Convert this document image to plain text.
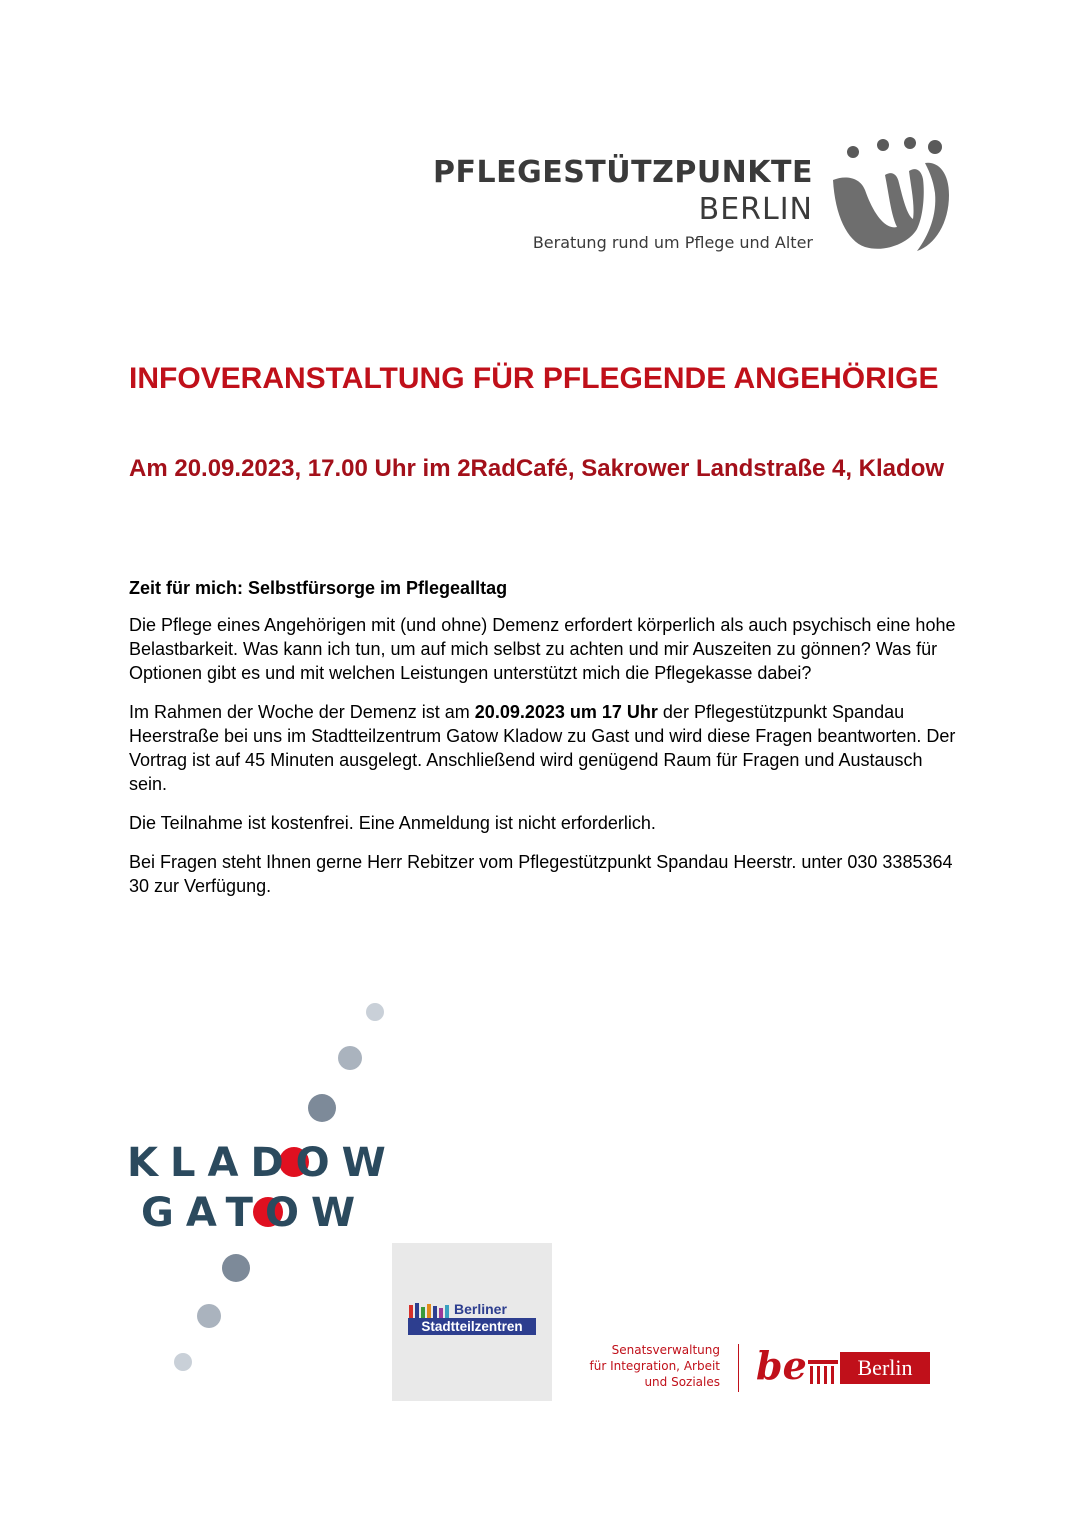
PFLEGESTÜTZPUNKTE
BERLIN
Beratung rund um Pflege und Alter
INFOVERANSTALTUNG FÜR PFLEGENDE ANGEHÖRIGE
Am 20.09.2023, 17.00 Uhr im 2RadCafé, Sakrower Landstraße 4, Kladow

Zeit für mich: Selbstfürsorge im Pflegealltag

Die Pflege eines Angehörigen mit (und ohne) Demenz erfordert körperlich als auch psychisch eine hohe Belastbarkeit. Was kann ich tun, um auf mich selbst zu achten und mir Auszeiten zu gönnen? Was für Optionen gibt es und mit welchen Leistungen unterstützt mich die Pflegekasse dabei?

Im Rahmen der Woche der Demenz ist am 20.09.2023 um 17 Uhr der Pflegestützpunkt Spandau Heerstraße bei uns im Stadtteilzentrum Gatow Kladow zu Gast und wird diese Fragen beantworten. Der Vortrag ist auf 45 Minuten ausgelegt. Anschließend wird genügend Raum für Fragen und Austausch sein.

Die Teilnahme ist kostenfrei. Eine Anmeldung ist nicht erforderlich.

Bei Fragen steht Ihnen gerne Herr Rebitzer vom Pflegestützpunkt Spandau Heerstr. unter 030 3385364 30 zur Verfügung.

KLADOW
GATOW
Berliner
Stadtteilzentren
Senatsverwaltung
für Integration, Arbeit
und Soziales be	Berlin
